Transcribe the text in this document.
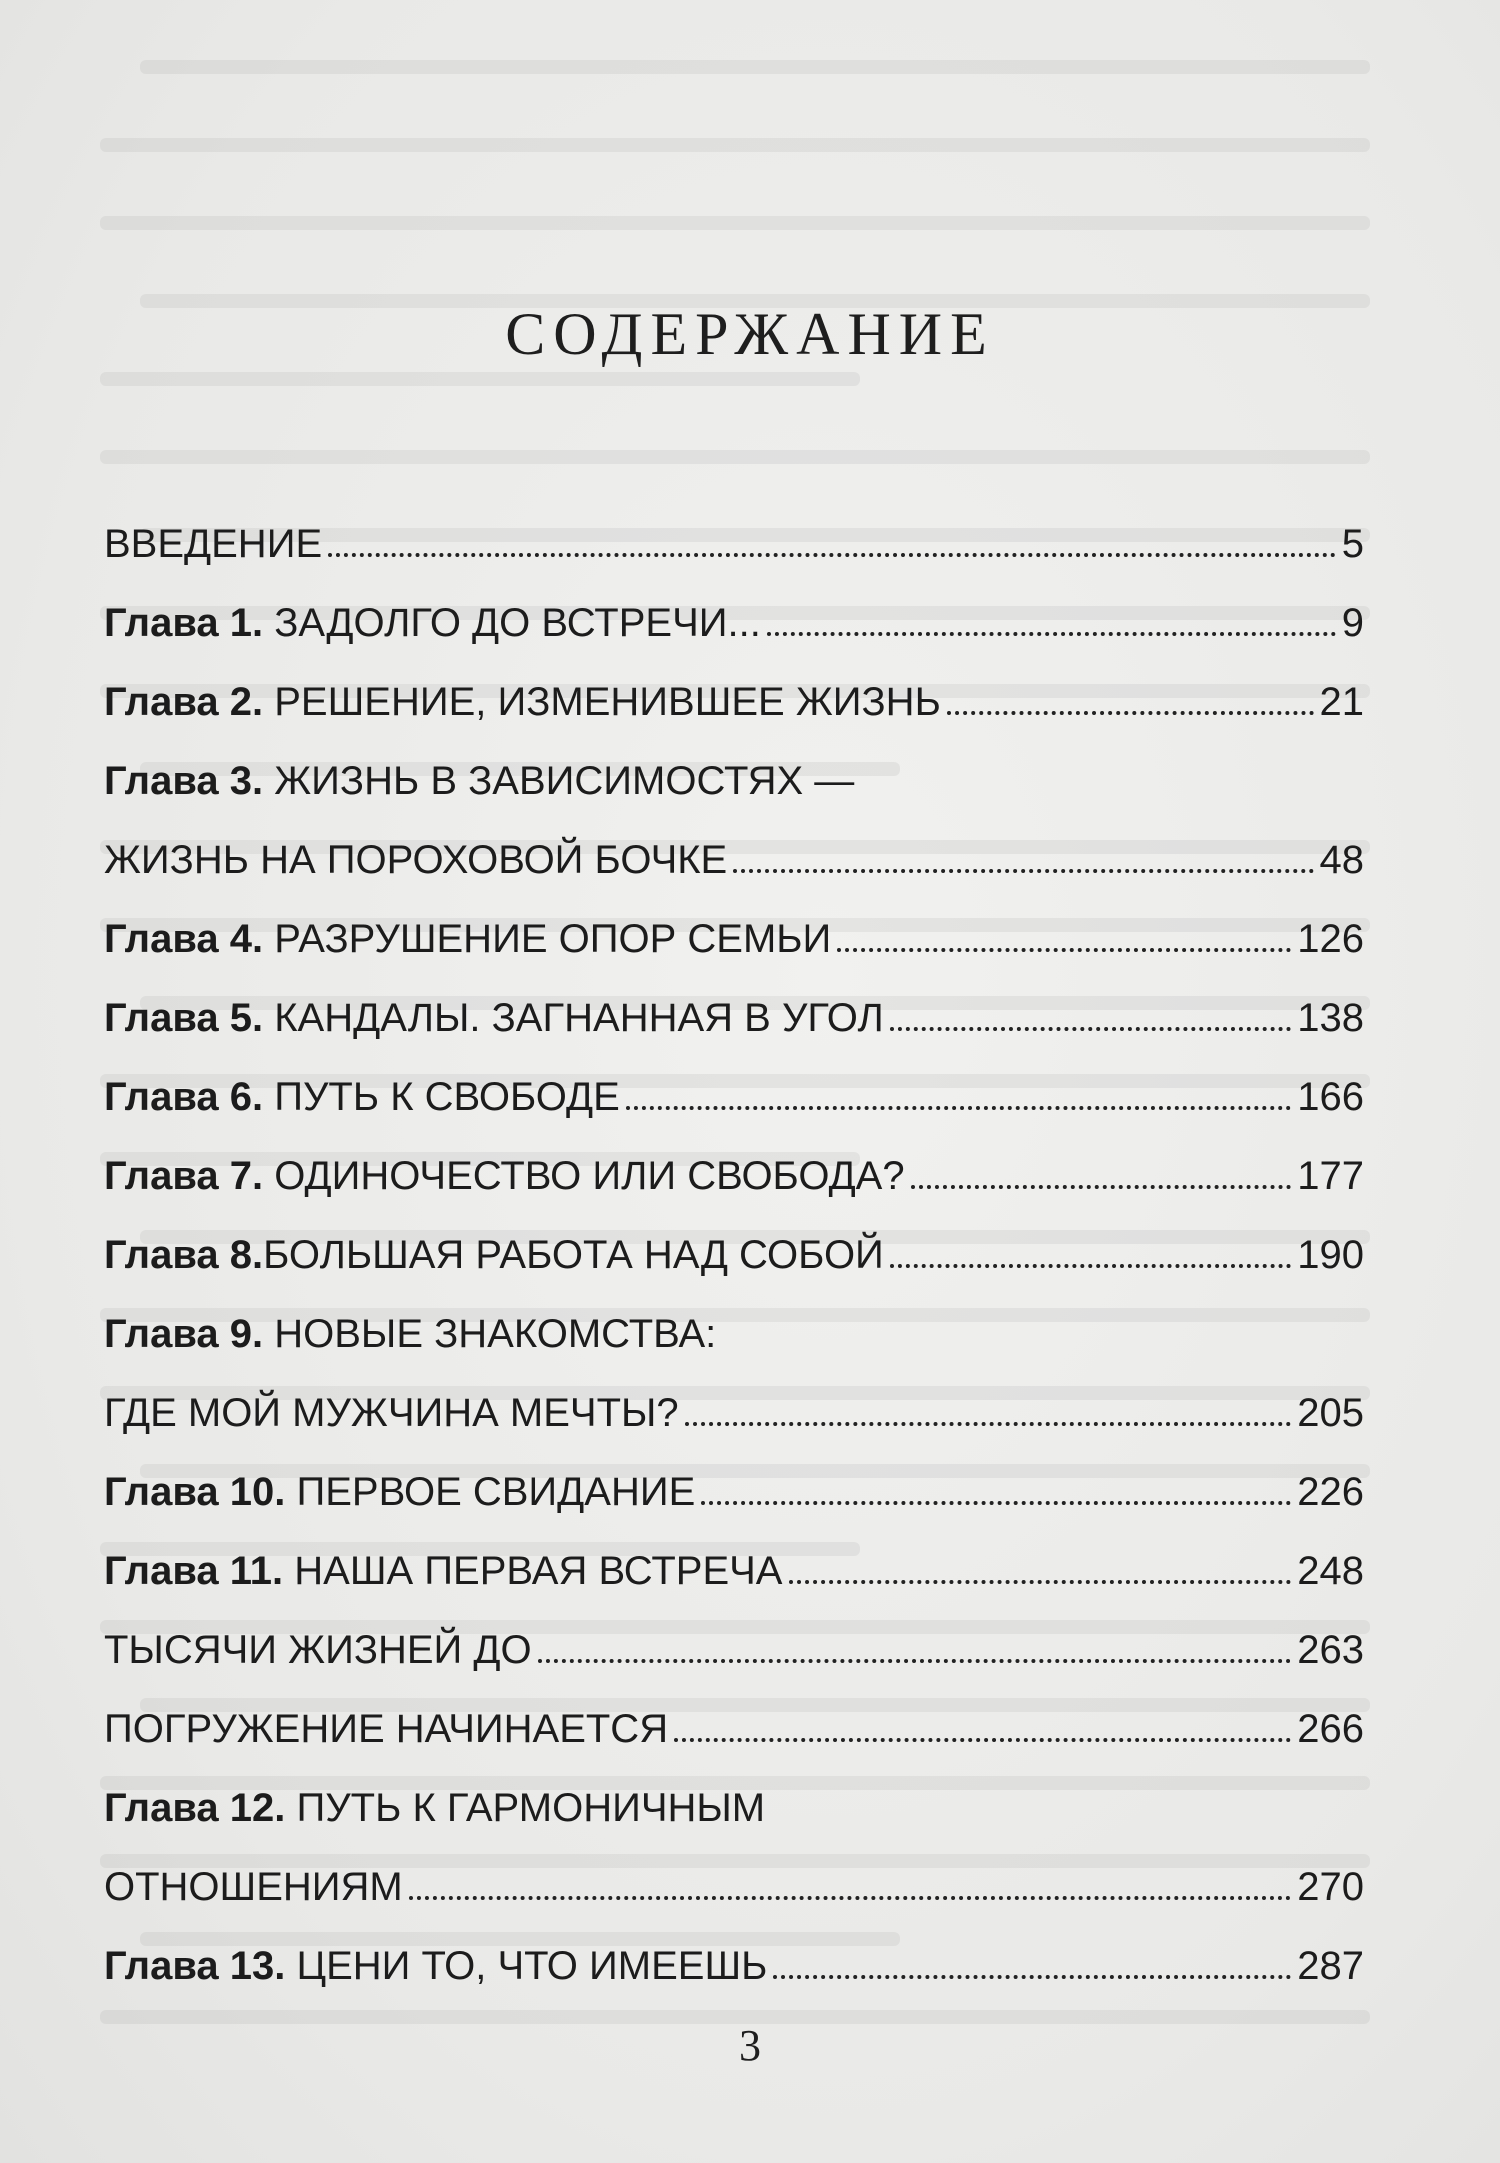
СОДЕРЖАНИЕ
ВВЕДЕНИЕ	5
Глава 1. ЗАДОЛГО ДО ВСТРЕЧИ...	9
Глава 2. РЕШЕНИЕ, ИЗМЕНИВШЕЕ ЖИЗНЬ	21
Глава 3. ЖИЗНЬ В ЗАВИСИМОСТЯХ —
ЖИЗНЬ НА ПОРОХОВОЙ БОЧКЕ	48
Глава 4. РАЗРУШЕНИЕ ОПОР СЕМЬИ	126
Глава 5. КАНДАЛЫ. ЗАГНАННАЯ В УГОЛ	138
Глава 6. ПУТЬ К СВОБОДЕ	166
Глава 7. ОДИНОЧЕСТВО ИЛИ СВОБОДА?	177
Глава 8.БОЛЬШАЯ РАБОТА НАД СОБОЙ	190
Глава 9. НОВЫЕ ЗНАКОМСТВА:
ГДЕ МОЙ МУЖЧИНА МЕЧТЫ?	205
Глава 10. ПЕРВОЕ СВИДАНИЕ	226
Глава 11. НАША ПЕРВАЯ ВСТРЕЧА	248
ТЫСЯЧИ ЖИЗНЕЙ ДО	263
ПОГРУЖЕНИЕ НАЧИНАЕТСЯ	266
Глава 12. ПУТЬ К ГАРМОНИЧНЫМ
ОТНОШЕНИЯМ	270
Глава 13. ЦЕНИ ТО, ЧТО ИМЕЕШЬ	287
3
